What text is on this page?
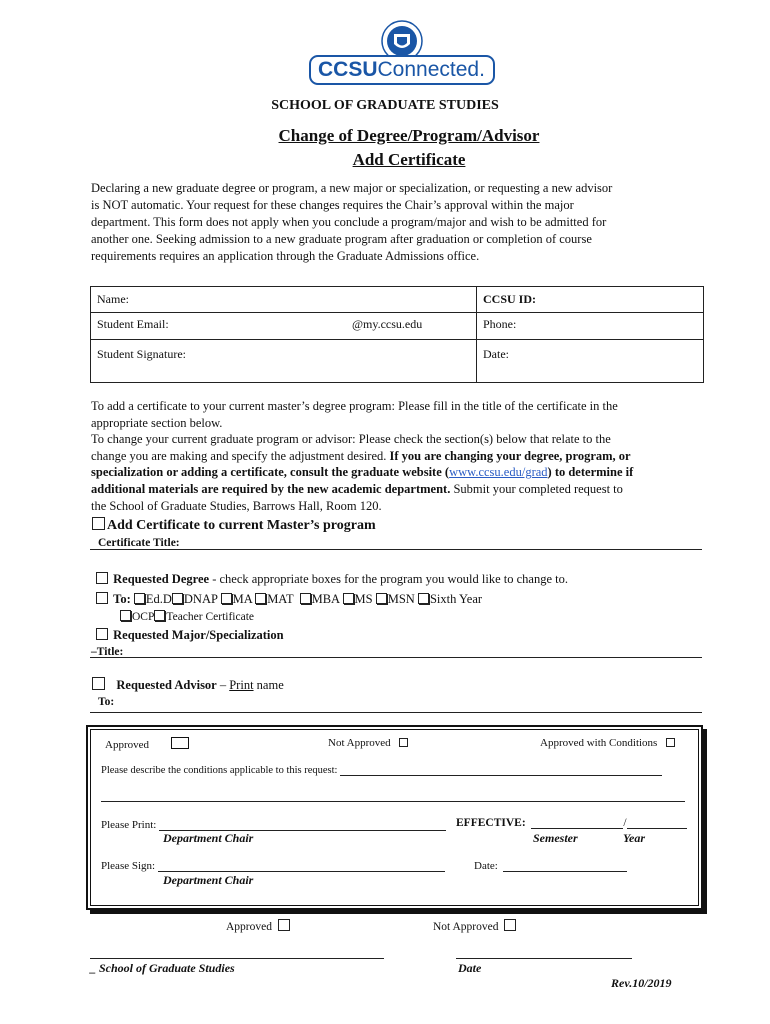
CCSUConnected.
SCHOOL OF GRADUATE STUDIES
Change of Degree/Program/Advisor
Add Certificate

Declaring a new graduate degree or program, a new major or specialization, or requesting a new advisor

is NOT automatic. Your request for these changes requires the Chair’s approval within the major

department. This form does not apply when you conclude a program/major and wish to be admitted for

another one. Seeking admission to a new graduate program after graduation or completion of course

requirements requires an application through the Graduate Admissions office.

Name:	CCSU ID:
Student Email:	@my.ccsu.edu	Phone:
Student Signature:	Date:

To add a certificate to your current master’s degree program: Please fill in the title of the certificate in the

appropriate section below.

To change your current graduate program or advisor: Please check the section(s) below that relate to the

change you are making and specify the adjustment desired. If you are changing your degree, program, or

specialization or adding a certificate, consult the graduate website (www.ccsu.edu/grad) to determine if

additional materials are required by the new academic department. Submit your completed request to

the School of Graduate Studies, Barrows Hall, Room 120.

Add Certificate to current Master’s program
Certificate Title:
Requested Degree - check appropriate boxes for the program you would like to change to.
To: Ed.D DNAP MA MAT MBA MS MSN Sixth Year
OCP Teacher Certificate
Requested Major/Specialization
–Title:
Requested Advisor – Print name
To:
Approved	Not Approved	Approved with Conditions
Please describe the conditions applicable to this request:
Please Print:	EFFECTIVE:	/
Department Chair	Semester	Year
Please Sign:	Date:
Department Chair
Approved	Not Approved
_ School of Graduate Studies	Date
Rev.10/2019
